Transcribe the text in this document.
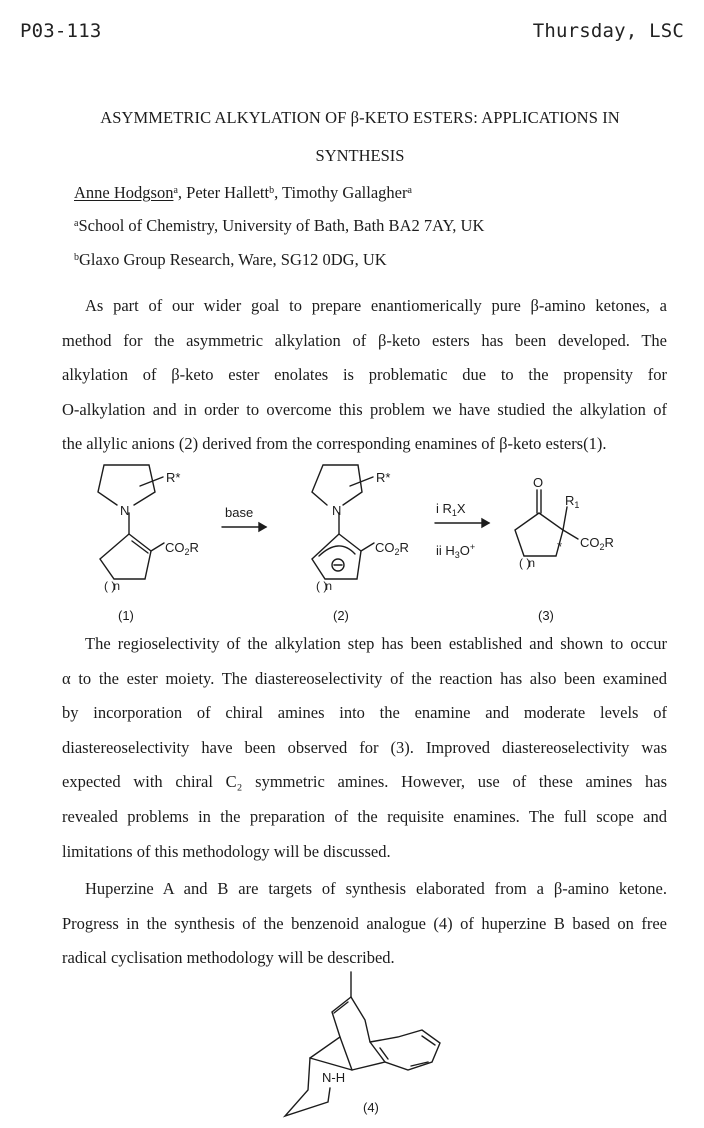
P03-113	Thursday, LSC
ASYMMETRIC ALKYLATION OF β-KETO ESTERS: APPLICATIONS IN
SYNTHESIS
Anne Hodgson$^a$, Peter Hallett$^b$, Timothy Gallagher$^a$
$^a$School of Chemistry, University of Bath, Bath BA2 7AY, UK
$^b$Glaxo Group Research, Ware, SG12 0DG, UK
As part of our wider goal to prepare enantiomerically pure β-amino ketones, a
method for the asymmetric alkylation of β-keto esters has been developed. The
alkylation of β-keto ester enolates is problematic due to the propensity for
O-alkylation and in order to overcome this problem we have studied the alkylation of
the allylic anions (2) derived from the corresponding enamines of β-keto esters(1).
R*
N
$CO_2R$
( )n
(1)
base
R*
N
$CO_2R$
( )n
(2)
i $R_1X$
ii $H_3O^+$
O
$R_1$
$CO_2R$
*
( )n
(3)
The regioselectivity of the alkylation step has been established and shown to occur
α to the ester moiety. The diastereoselectivity of the reaction has also been examined
by incorporation of chiral amines into the enamine and moderate levels of
diastereoselectivity have been observed for (3). Improved diastereoselectivity was
expected with chiral C₂ symmetric amines. However, use of these amines has
revealed problems in the preparation of the requisite enamines. The full scope and
limitations of this methodology will be discussed.
Huperzine A and B are targets of synthesis elaborated from a β-amino ketone.
Progress in the synthesis of the benzenoid analogue (4) of huperzine B based on free
radical cyclisation methodology will be described.
N-H
(4)
